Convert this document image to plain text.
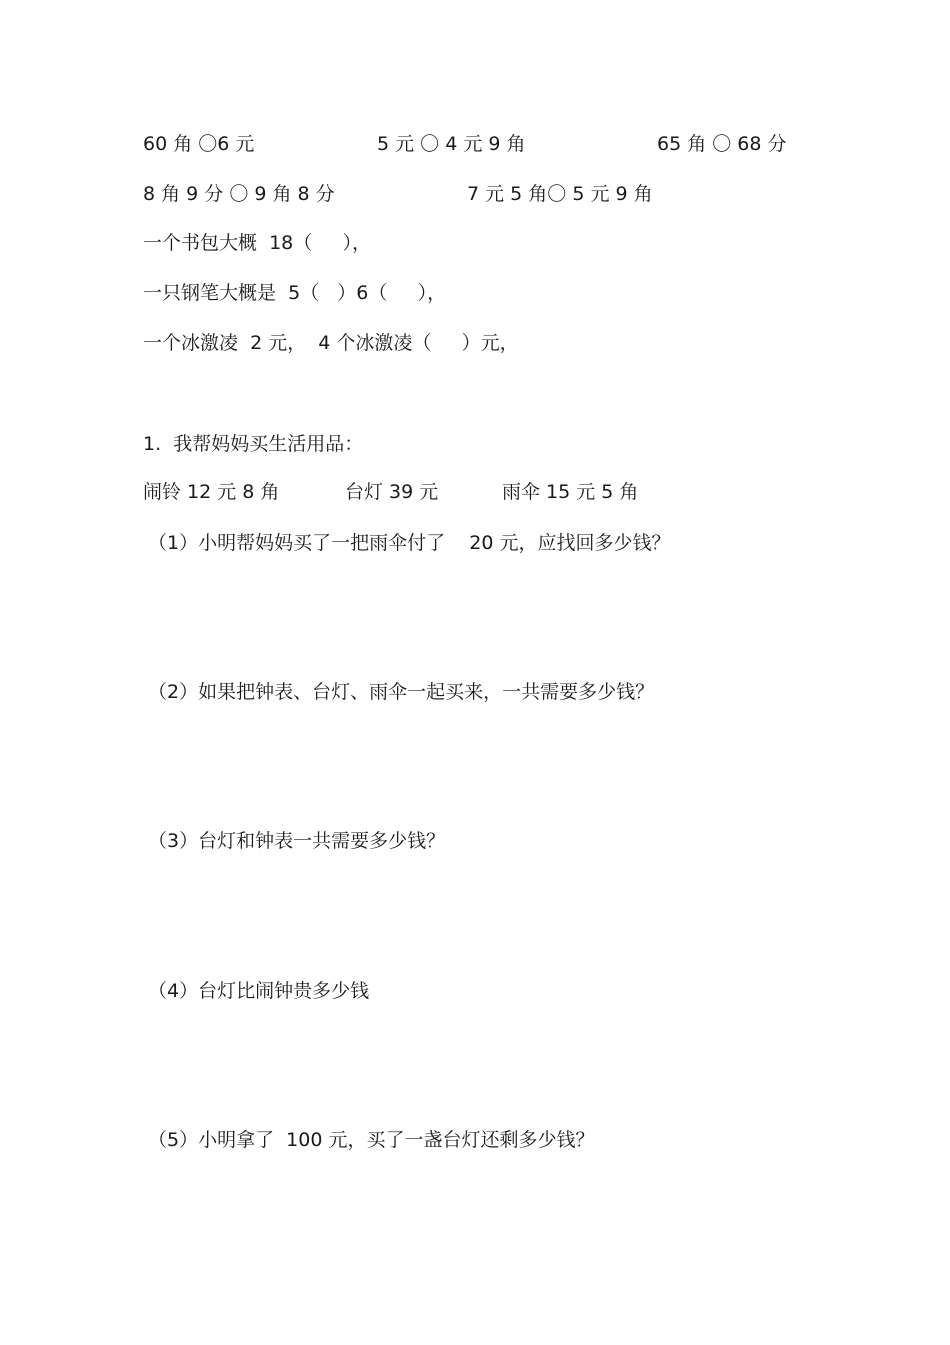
60 角 〇6 元	5 元 〇 4 元 9 角	65 角 〇 68 分
8 角 9 分 〇 9 角 8 分	7 元 5 角〇 5 元 9 角
一个书包大概  18（     ），
一只钢笔大概是  5（   ）6（     ），
一个冰激凌  2 元，  4 个冰激凌（     ）元，
1.  我帮妈妈买生活用品：
闹铃 12 元 8 角	台灯 39 元	雨伞 15 元 5 角
（1）小明帮妈妈买了一把雨伞付了    20 元，应找回多少钱？
（2）如果把钟表、台灯、雨伞一起买来，一共需要多少钱？
（3）台灯和钟表一共需要多少钱？
（4）台灯比闹钟贵多少钱
（5）小明拿了  100 元，买了一盏台灯还剩多少钱？
